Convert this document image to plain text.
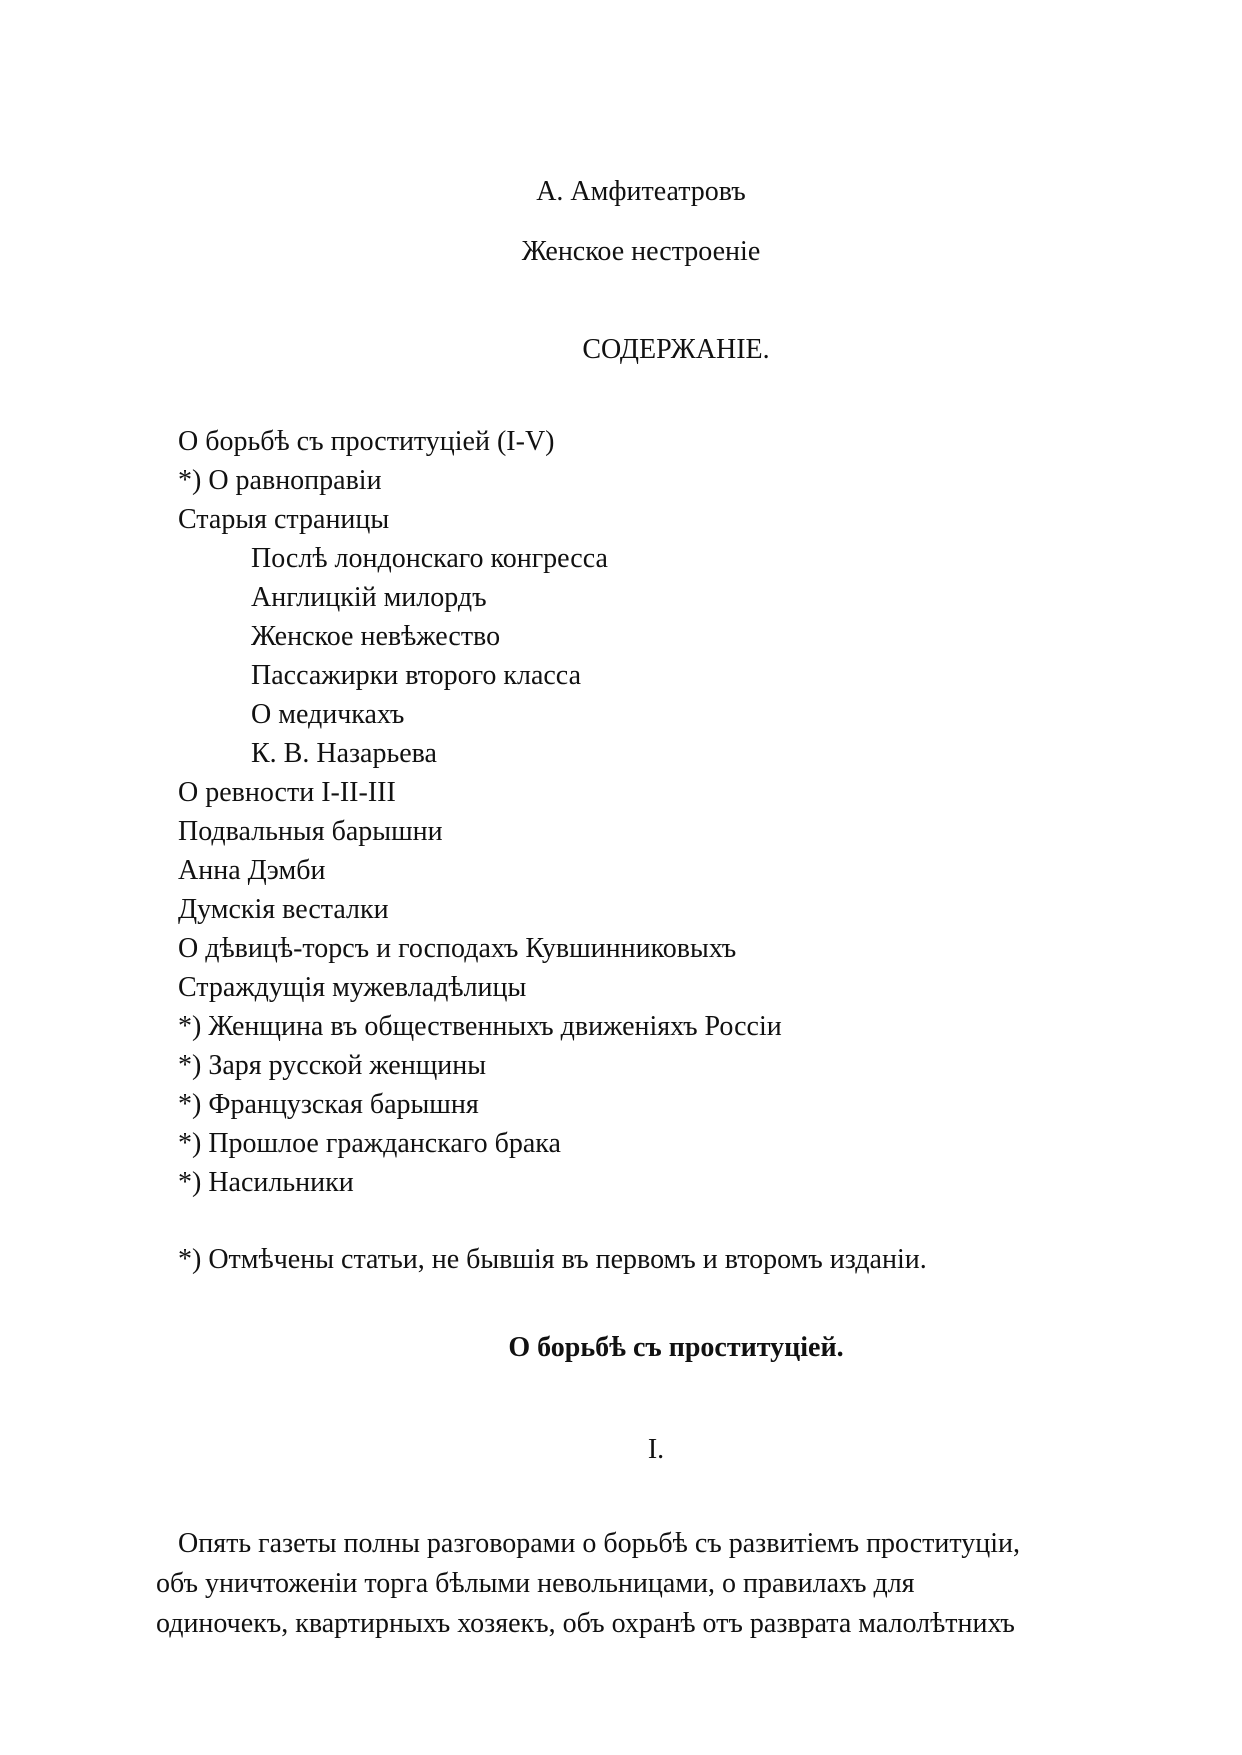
А. Амфитеатровъ
Женское нестроеніе
СОДЕРЖАНІЕ.
О борьбѣ съ проституціей (I-V)
*) О равноправіи
Старыя страницы
Послѣ лондонскаго конгресса
Англицкій милордъ
Женское невѣжество
Пассажирки второго класса
О медичкахъ
К. В. Назарьева
О ревности I-II-III
Подвальныя барышни
Анна Дэмби
Думскія весталки
О дѣвицѣ-торсъ и господахъ Кувшинниковыхъ
Страждущія мужевладѣлицы
*) Женщина въ общественныхъ движеніяхъ Россіи
*) Заря русской женщины
*) Французская барышня
*) Прошлое гражданскаго брака
*) Насильники
*) Отмѣчены статьи, не бывшія въ первомъ и второмъ изданіи.
О борьбѣ съ проституціей.
I.
Опять газеты полны разговорами о борьбѣ съ развитіемъ проституціи,
объ уничтоженіи торга бѣлыми невольницами, о правилахъ для
одиночекъ, квартирныхъ хозяекъ, объ охранѣ отъ разврата малолѣтнихъ
